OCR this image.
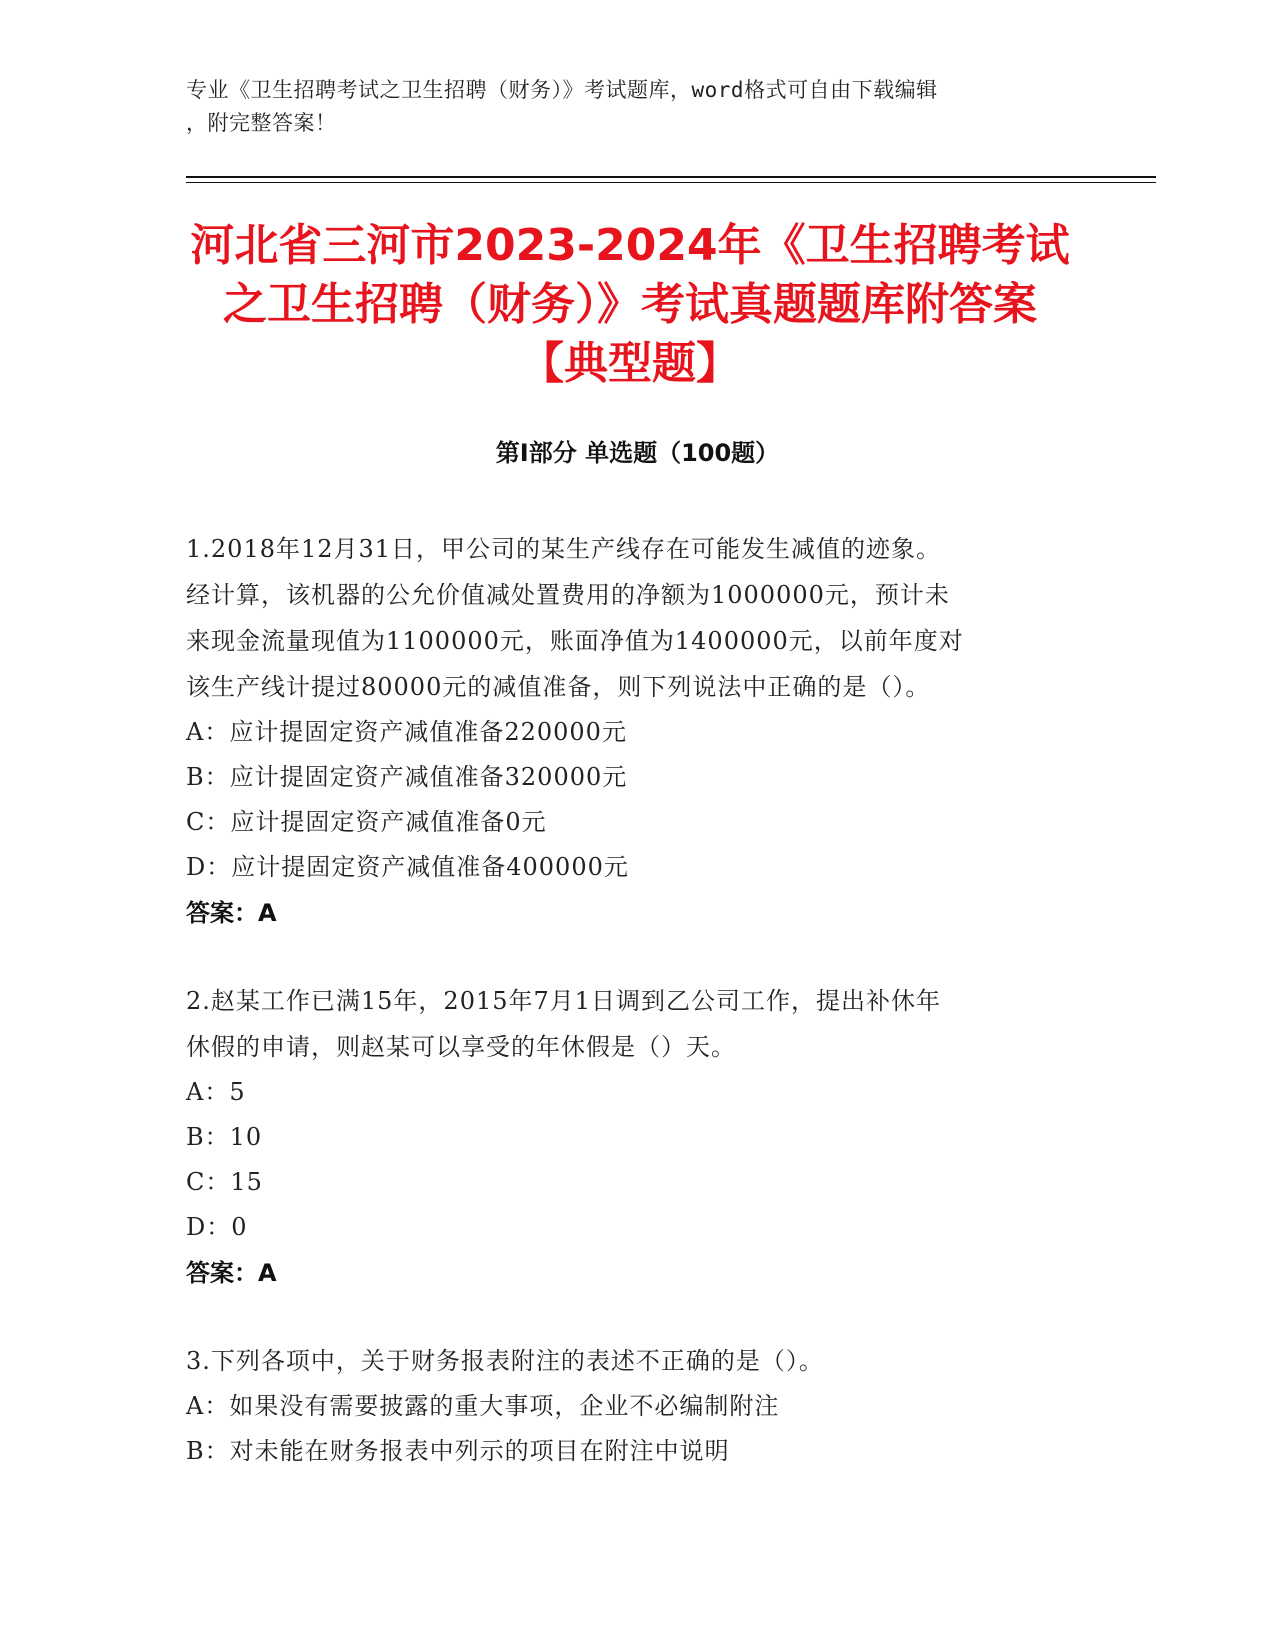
专业《卫生招聘考试之卫生招聘（财务）》考试题库，word格式可自由下载编辑
，附完整答案！
河北省三河市2023-2024年《卫生招聘考试
之卫生招聘（财务）》考试真题题库附答案
【典型题】
第Ⅰ部分 单选题（100题）

1.2018年12月31日，甲公司的某生产线存在可能发生减值的迹象。

经计算，该机器的公允价值减处置费用的净额为1000000元，预计未

来现金流量现值为1100000元，账面净值为1400000元，以前年度对

该生产线计提过80000元的减值准备，则下列说法中正确的是（）。

A：应计提固定资产减值准备220000元

B：应计提固定资产减值准备320000元

C：应计提固定资产减值准备0元

D：应计提固定资产减值准备400000元

答案：A

2.赵某工作已满15年，2015年7月1日调到乙公司工作，提出补休年

休假的申请，则赵某可以享受的年休假是（）天。

A：5

B：10

C：15

D：0

答案：A

3.下列各项中，关于财务报表附注的表述不正确的是（）。

A：如果没有需要披露的重大事项，企业不必编制附注

B：对未能在财务报表中列示的项目在附注中说明
